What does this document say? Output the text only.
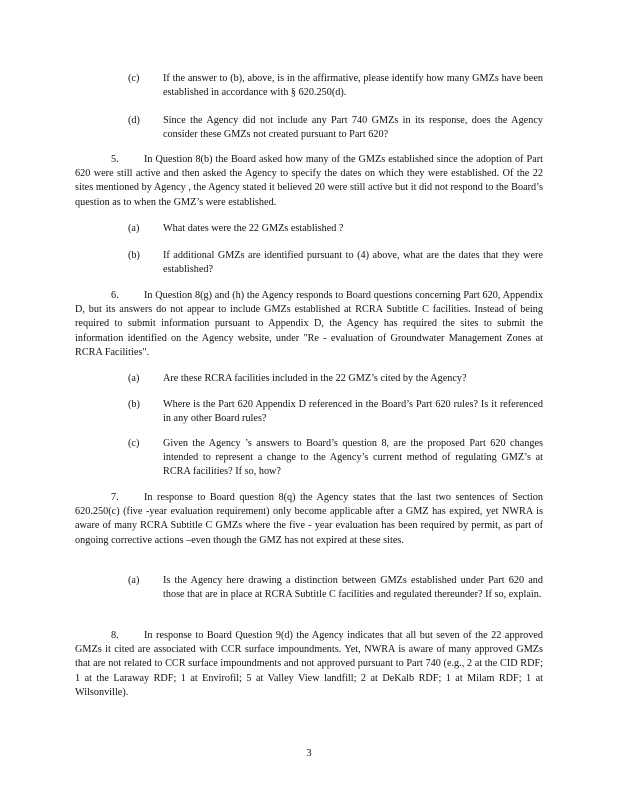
(c)	If the answer to (b), above, is in the affirmative, please identify how many GMZs have been established in accordance with § 620.250(d).
(d)	Since the Agency did not include any Part 740 GMZs in its response, does the Agency consider these GMZs not created pursuant to Part 620?
5. In Question 8(b) the Board asked how many of the GMZs established since the adoption of Part 620 were still active and then asked the Agency to specify the dates on which they were established. Of the 22 sites mentioned by Agency , the Agency stated it believed 20 were still active but it did not respond to the Board’s question as to when the GMZ’s were established.
(a)	What dates were the 22 GMZs established ?
(b)	If additional GMZs are identified pursuant to (4) above, what are the dates that they were established?
6. In Question 8(g) and (h) the Agency responds to Board questions concerning Part 620, Appendix D, but its answers do not appear to include GMZs established at RCRA Subtitle C facilities. Instead of being required to submit information pursuant to Appendix D, the Agency has required the sites to submit the information identified on the Agency website, under "Re - evaluation of Groundwater Management Zones at RCRA Facilities".
(a)	Are these RCRA facilities included in the 22 GMZ’s cited by the Agency?
(b)	Where is the Part 620 Appendix D referenced in the Board’s Part 620 rules? Is it referenced in any other Board rules?
(c)	Given the Agency ’s answers to Board’s question 8, are the proposed Part 620 changes intended to represent a change to the Agency’s current method of regulating GMZ’s at RCRA facilities? If so, how?
7. In response to Board question 8(q) the Agency states that the last two sentences of Section 620.250(c) (five -year evaluation requirement) only become applicable after a GMZ has expired, yet NWRA is aware of many RCRA Subtitle C GMZs where the five - year evaluation has been required by permit, as part of ongoing corrective actions –even though the GMZ has not expired at these sites.
(a)	Is the Agency here drawing a distinction between GMZs established under Part 620 and those that are in place at RCRA Subtitle C facilities and regulated thereunder? If so, explain.
8. In response to Board Question 9(d) the Agency indicates that all but seven of the 22 approved GMZs it cited are associated with CCR surface impoundments. Yet, NWRA is aware of many approved GMZs that are not related to CCR surface impoundments and not approved pursuant to Part 740 (e.g., 2 at the CID RDF; 1 at the Laraway RDF; 1 at Envirofil; 5 at Valley View landfill; 2 at DeKalb RDF; 1 at Milam RDF; 1 at Wilsonville).
3
